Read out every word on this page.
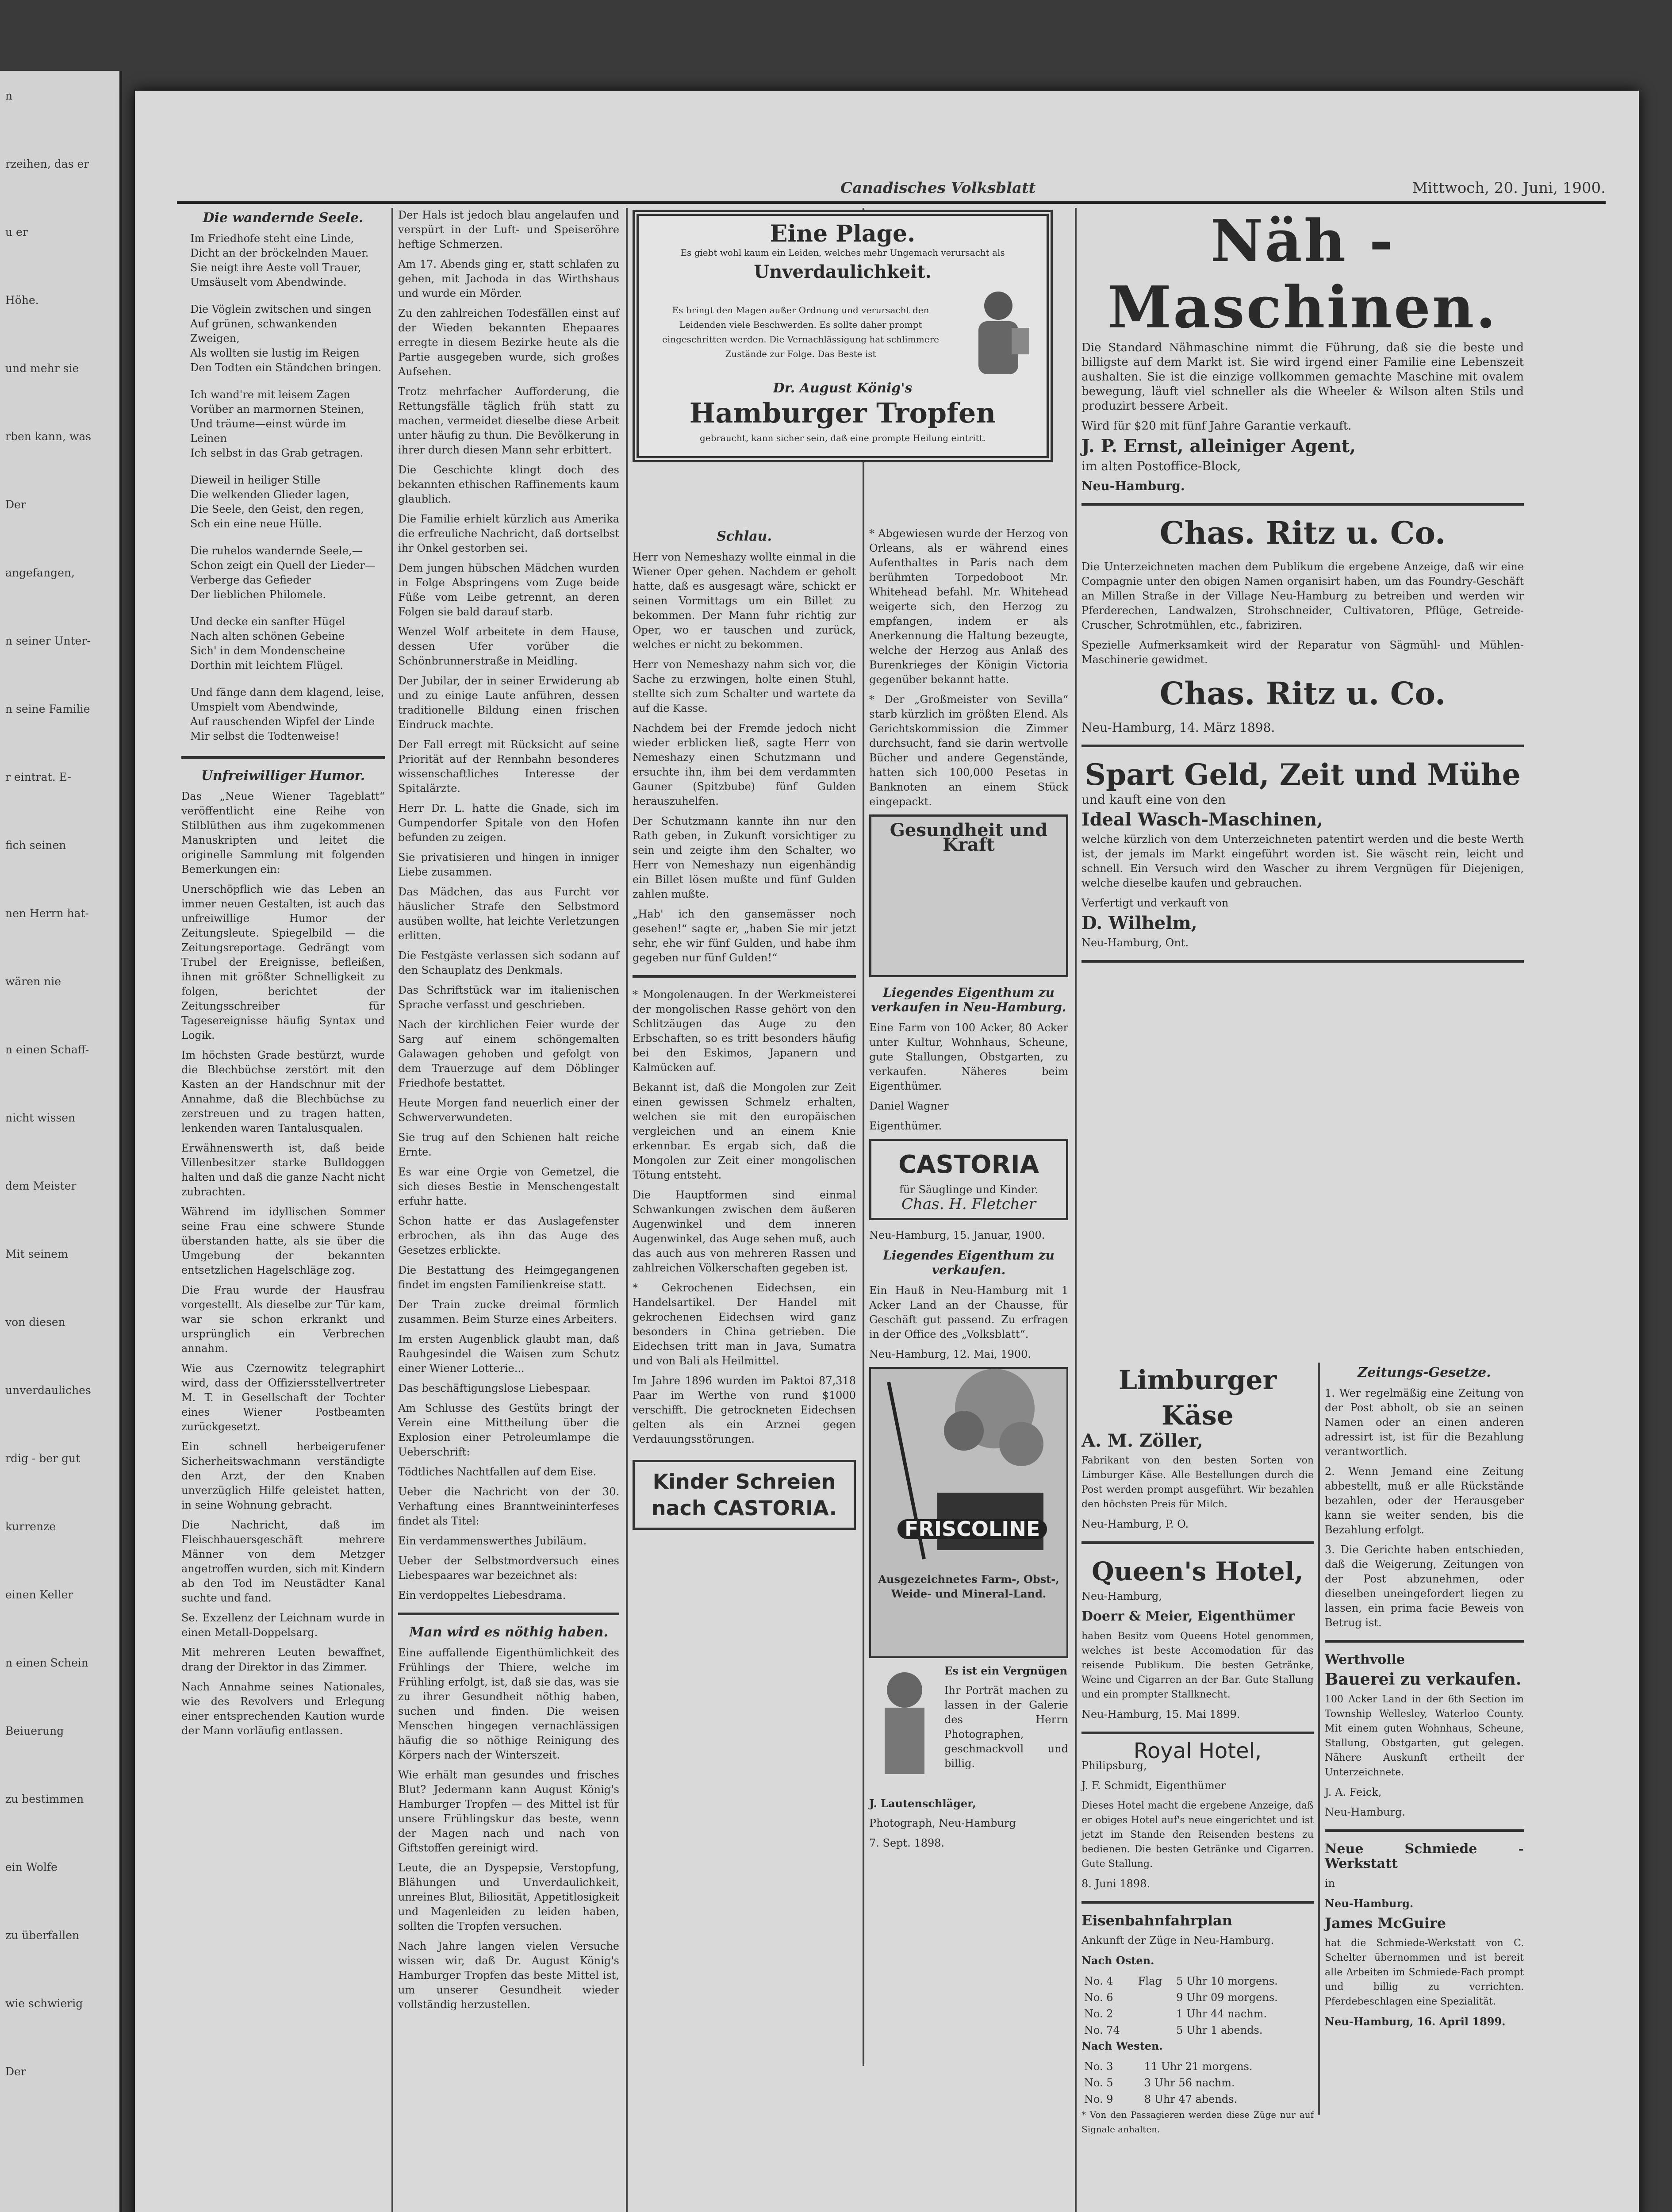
n

rzeihen, das er

u er

Höhe.

und mehr sie

rben kann, was

Der

angefangen,

n seiner Unter-

n seine Familie

r eintrat. E-

fich seinen

nen Herrn hat-

wären nie

n einen Schaff-

nicht wissen

dem Meister

Mit seinem

von diesen

unverdauliches

rdig - ber gut

kurrenze

einen Keller

n einen Schein

Beiuerung

zu bestimmen

ein Wolfe

zu überfallen

wie schwierig

Der

Canadisches Volksblatt	Mittwoch, 20. Juni, 1900.
Die wandernde Seele.

Im Friedhofe steht eine Linde,

Dicht an der bröckelnden Mauer.

Sie neigt ihre Aeste voll Trauer,

Umsäuselt vom Abendwinde.

Die Vöglein zwitschen und singen

Auf grünen, schwankenden Zweigen,

Als wollten sie lustig im Reigen

Den Todten ein Ständchen bringen.

Ich wand're mit leisem Zagen

Vorüber an marmornen Steinen,

Und träume—einst würde im Leinen

Ich selbst in das Grab getragen.

Dieweil in heiliger Stille

Die welkenden Glieder lagen,

Die Seele, den Geist, den regen,

Sch ein eine neue Hülle.

Die ruhelos wandernde Seele,—

Schon zeigt ein Quell der Lieder—

Verberge das Gefieder

Der lieblichen Philomele.

Und decke ein sanfter Hügel

Nach alten schönen Gebeine

Sich' in dem Mondenscheine

Dorthin mit leichtem Flügel.

Und fänge dann dem klagend, leise,

Umspielt vom Abendwinde,

Auf rauschenden Wipfel der Linde

Mir selbst die Todtenweise!

Unfreiwilliger Humor.

Das „Neue Wiener Tageblatt“ veröffentlicht eine Reihe von Stilblüthen aus ihm zugekommenen Manuskripten und leitet die originelle Sammlung mit folgenden Bemerkungen ein:

Unerschöpflich wie das Leben an immer neuen Gestalten, ist auch das unfreiwillige Humor der Zeitungsleute. Spiegelbild — die Zeitungsreportage. Gedrängt vom Trubel der Ereignisse, befleißen, ihnen mit größter Schnelligkeit zu folgen, berichtet der Zeitungsschreiber für Tagesereignisse häufig Syntax und Logik.

Im höchsten Grade bestürzt, wurde die Blechbüchse zerstört mit den Kasten an der Handschnur mit der Annahme, daß die Blechbüchse zu zerstreuen und zu tragen hatten, lenkenden waren Tantalusqualen.

Erwähnenswerth ist, daß beide Villenbesitzer starke Bulldoggen halten und daß die ganze Nacht nicht zubrachten.

Während im idyllischen Sommer seine Frau eine schwere Stunde überstanden hatte, als sie über die Umgebung der bekannten entsetzlichen Hagelschläge zog.

Die Frau wurde der Hausfrau vorgestellt. Als dieselbe zur Tür kam, war sie schon erkrankt und ursprünglich ein Verbrechen annahm.

Wie aus Czernowitz telegraphirt wird, dass der Offiziersstellvertreter M. T. in Gesellschaft der Tochter eines Wiener Postbeamten zurückgesetzt.

Ein schnell herbeigerufener Sicherheitswachmann verständigte den Arzt, der den Knaben unverzüglich Hilfe geleistet hatten, in seine Wohnung gebracht.

Die Nachricht, daß im Fleischhauersgeschäft mehrere Männer von dem Metzger angetroffen wurden, sich mit Kindern ab den Tod im Neustädter Kanal suchte und fand.

Se. Exzellenz der Leichnam wurde in einen Metall-Doppelsarg.

Mit mehreren Leuten bewaffnet, drang der Direktor in das Zimmer.

Nach Annahme seines Nationales, wie des Revolvers und Erlegung einer entsprechenden Kaution wurde der Mann vorläufig entlassen.

Der Hals ist jedoch blau angelaufen und verspürt in der Luft- und Speiseröhre heftige Schmerzen.

Am 17. Abends ging er, statt schlafen zu gehen, mit Jachoda in das Wirthshaus und wurde ein Mörder.

Zu den zahlreichen Todesfällen einst auf der Wieden bekannten Ehepaares erregte in diesem Bezirke heute als die Partie ausgegeben wurde, sich großes Aufsehen.

Trotz mehrfacher Aufforderung, die Rettungsfälle täglich früh statt zu machen, vermeidet dieselbe diese Arbeit unter häufig zu thun. Die Bevölkerung in ihrer durch diesen Mann sehr erbittert.

Die Geschichte klingt doch des bekannten ethischen Raffinements kaum glaublich.

Die Familie erhielt kürzlich aus Amerika die erfreuliche Nachricht, daß dortselbst ihr Onkel gestorben sei.

Dem jungen hübschen Mädchen wurden in Folge Abspringens vom Zuge beide Füße vom Leibe getrennt, an deren Folgen sie bald darauf starb.

Wenzel Wolf arbeitete in dem Hause, dessen Ufer vorüber die Schönbrunnerstraße in Meidling.

Der Jubilar, der in seiner Erwiderung ab und zu einige Laute anführen, dessen traditionelle Bildung einen frischen Eindruck machte.

Der Fall erregt mit Rücksicht auf seine Priorität auf der Rennbahn besonderes wissenschaftliches Interesse der Spitalärzte.

Herr Dr. L. hatte die Gnade, sich im Gumpendorfer Spitale von den Hofen befunden zu zeigen.

Sie privatisieren und hingen in inniger Liebe zusammen.

Das Mädchen, das aus Furcht vor häuslicher Strafe den Selbstmord ausüben wollte, hat leichte Verletzungen erlitten.

Die Festgäste verlassen sich sodann auf den Schauplatz des Denkmals.

Das Schriftstück war im italienischen Sprache verfasst und geschrieben.

Nach der kirchlichen Feier wurde der Sarg auf einem schöngemalten Galawagen gehoben und gefolgt von dem Trauerzuge auf dem Döblinger Friedhofe bestattet.

Heute Morgen fand neuerlich einer der Schwerverwundeten.

Sie trug auf den Schienen halt reiche Ernte.

Es war eine Orgie von Gemetzel, die sich dieses Bestie in Menschengestalt erfuhr hatte.

Schon hatte er das Auslagefenster erbrochen, als ihn das Auge des Gesetzes erblickte.

Die Bestattung des Heimgegangenen findet im engsten Familienkreise statt.

Der Train zucke dreimal förmlich zusammen. Beim Sturze eines Arbeiters.

Im ersten Augenblick glaubt man, daß Rauhgesindel die Waisen zum Schutz einer Wiener Lotterie...

Das beschäftigungslose Liebespaar.

Am Schlusse des Gestüts bringt der Verein eine Mittheilung über die Explosion einer Petroleumlampe die Ueberschrift:

Tödtliches Nachtfallen auf dem Eise.

Ueber die Nachricht von der 30. Verhaftung eines Branntweininterfeses findet als Titel:

Ein verdammenswerthes Jubiläum.

Ueber der Selbstmordversuch eines Liebespaares war bezeichnet als:

Ein verdoppeltes Liebesdrama.

Man wird es nöthig haben.

Eine auffallende Eigenthümlichkeit des Frühlings der Thiere, welche im Frühling erfolgt, ist, daß sie das, was sie zu ihrer Gesundheit nöthig haben, suchen und finden. Die weisen Menschen hingegen vernachlässigen häufig die so nöthige Reinigung des Körpers nach der Winterszeit.

Wie erhält man gesundes und frisches Blut? Jedermann kann August König's Hamburger Tropfen — des Mittel ist für unsere Frühlingskur das beste, wenn der Magen nach und nach von Giftstoffen gereinigt wird.

Leute, die an Dyspepsie, Verstopfung, Blähungen und Unverdaulichkeit, unreines Blut, Biliosität, Appetitlosigkeit und Magenleiden zu leiden haben, sollten die Tropfen versuchen.

Nach Jahre langen vielen Versuche wissen wir, daß Dr. August König's Hamburger Tropfen das beste Mittel ist, um unserer Gesundheit wieder vollständig herzustellen.

Eine Plage.
Es giebt wohl kaum ein Leiden, welches mehr Ungemach verursacht als
Unverdaulichkeit.
Es bringt den Magen außer Ordnung und verursacht den Leidenden viele Beschwerden. Es sollte daher prompt eingeschritten werden. Die Vernachlässigung hat schlimmere Zustände zur Folge. Das Beste ist
Dr. August König's
Hamburger Tropfen
gebraucht, kann sicher sein, daß eine prompte Heilung eintritt.
Schlau.

Herr von Nemeshazy wollte einmal in die Wiener Oper gehen. Nachdem er geholt hatte, daß es ausgesagt wäre, schickt er seinen Vormittags um ein Billet zu bekommen. Der Mann fuhr richtig zur Oper, wo er tauschen und zurück, welches er nicht zu bekommen.

Herr von Nemeshazy nahm sich vor, die Sache zu erzwingen, holte einen Stuhl, stellte sich zum Schalter und wartete da auf die Kasse.

Nachdem bei der Fremde jedoch nicht wieder erblicken ließ, sagte Herr von Nemeshazy einen Schutzmann und ersuchte ihn, ihm bei dem verdammten Gauner (Spitzbube) fünf Gulden herauszuhelfen.

Der Schutzmann kannte ihn nur den Rath geben, in Zukunft vorsichtiger zu sein und zeigte ihm den Schalter, wo Herr von Nemeshazy nun eigenhändig ein Billet lösen mußte und fünf Gulden zahlen mußte.

„Hab' ich den gansemässer noch gesehen!“ sagte er, „haben Sie mir jetzt sehr, ehe wir fünf Gulden, und habe ihm gegeben nur fünf Gulden!“

* Mongolenaugen. In der Werkmeisterei der mongolischen Rasse gehört von den Schlitzäugen das Auge zu den Erbschaften, so es tritt besonders häufig bei den Eskimos, Japanern und Kalmücken auf.

Bekannt ist, daß die Mongolen zur Zeit einen gewissen Schmelz erhalten, welchen sie mit den europäischen vergleichen und an einem Knie erkennbar. Es ergab sich, daß die Mongolen zur Zeit einer mongolischen Tötung entsteht.

Die Hauptformen sind einmal Schwankungen zwischen dem äußeren Augenwinkel und dem inneren Augenwinkel, das Auge sehen muß, auch das auch aus von mehreren Rassen und zahlreichen Völkerschaften gegeben ist.

* Gekrochenen Eidechsen, ein Handelsartikel. Der Handel mit gekrochenen Eidechsen wird ganz besonders in China getrieben. Die Eidechsen tritt man in Java, Sumatra und von Bali als Heilmittel.

Im Jahre 1896 wurden im Paktoi 87,318 Paar im Werthe von rund $1000 verschifft. Die getrockneten Eidechsen gelten als ein Arznei gegen Verdauungsstörungen.

Kinder Schreien nach CASTORIA.

* Abgewiesen wurde der Herzog von Orleans, als er während eines Aufenthaltes in Paris nach dem berühmten Torpedoboot Mr. Whitehead befahl. Mr. Whitehead weigerte sich, den Herzog zu empfangen, indem er als Anerkennung die Haltung bezeugte, welche der Herzog aus Anlaß des Burenkrieges der Königin Victoria gegenüber bekannt hatte.

* Der „Großmeister von Sevilla“ starb kürzlich im größten Elend. Als Gerichtskommission die Zimmer durchsucht, fand sie darin wertvolle Bücher und andere Gegenstände, hatten sich 100,000 Pesetas in Banknoten an einem Stück eingepackt.

Gesundheit und Kraft
Liegendes Eigenthum zu verkaufen in Neu-Hamburg.

Eine Farm von 100 Acker, 80 Acker unter Kultur, Wohnhaus, Scheune, gute Stallungen, Obstgarten, zu verkaufen. Näheres beim Eigenthümer.

Daniel Wagner

Eigenthümer.

CASTORIA
für Säuglinge und Kinder.
Chas. H. Fletcher

Neu-Hamburg, 15. Januar, 1900.

Liegendes Eigenthum zu verkaufen.

Ein Hauß in Neu-Hamburg mit 1 Acker Land an der Chausse, für Geschäft gut passend. Zu erfragen in der Office des „Volksblatt“.

Neu-Hamburg, 12. Mai, 1900.

FRISCOLINE
Ausgezeichnetes Farm-, Obst-, Weide- und Mineral-Land.

Es ist ein Vergnügen

Ihr Porträt machen zu lassen in der Galerie des Herrn Photographen, geschmackvoll und billig.

J. Lautenschläger,

Photograph, Neu-Hamburg

7. Sept. 1898.

Näh - Maschinen.

Die Standard Nähmaschine nimmt die Führung, daß sie die beste und billigste auf dem Markt ist. Sie wird irgend einer Familie eine Lebenszeit aushalten. Sie ist die einzige vollkommen gemachte Maschine mit ovalem bewegung, läuft viel schneller als die Wheeler & Wilson alten Stils und produzirt bessere Arbeit.

Wird für $20 mit fünf Jahre Garantie verkauft.

J. P. Ernst, alleiniger Agent,

im alten Postoffice-Block,

Neu-Hamburg.

Chas. Ritz u. Co.

Die Unterzeichneten machen dem Publikum die ergebene Anzeige, daß wir eine Compagnie unter den obigen Namen organisirt haben, um das Foundry-Geschäft an Millen Straße in der Village Neu-Hamburg zu betreiben und werden wir Pferderechen, Landwalzen, Strohschneider, Cultivatoren, Pflüge, Getreide-Cruscher, Schrotmühlen, etc., fabriziren.

Spezielle Aufmerksamkeit wird der Reparatur von Sägmühl- und Mühlen-Maschinerie gewidmet.

Chas. Ritz u. Co.

Neu-Hamburg, 14. März 1898.

Spart Geld, Zeit und Mühe

und kauft eine von den

Ideal Wasch-Maschinen,

welche kürzlich von dem Unterzeichneten patentirt werden und die beste Werth ist, der jemals im Markt eingeführt worden ist. Sie wäscht rein, leicht und schnell. Ein Versuch wird den Wascher zu ihrem Vergnügen für Diejenigen, welche dieselbe kaufen und gebrauchen.

Verfertigt und verkauft von

D. Wilhelm,

Neu-Hamburg, Ont.

Limburger Käse

A. M. Zöller,

Fabrikant von den besten Sorten von Limburger Käse. Alle Bestellungen durch die Post werden prompt ausgeführt. Wir bezahlen den höchsten Preis für Milch.

Neu-Hamburg, P. O.

Queen's Hotel,

Neu-Hamburg,

Doerr & Meier, Eigenthümer

haben Besitz vom Queens Hotel genommen, welches ist beste Accomodation für das reisende Publikum. Die besten Getränke, Weine und Cigarren an der Bar. Gute Stallung und ein prompter Stallknecht.

Neu-Hamburg, 15. Mai 1899.

Royal Hotel,

Philipsburg,

J. F. Schmidt, Eigenthümer

Dieses Hotel macht die ergebene Anzeige, daß er obiges Hotel auf's neue eingerichtet und ist jetzt im Stande den Reisenden bestens zu bedienen. Die besten Getränke und Cigarren. Gute Stallung.

8. Juni 1898.

Eisenbahnfahrplan

Ankunft der Züge in Neu-Hamburg.

Nach Osten.

No. 4	Flag	5 Uhr 10 morgens.
No. 6		9 Uhr 09 morgens.
No. 2		1 Uhr 44 nachm.
No. 74		5 Uhr 1 abends.

Nach Westen.

No. 3		11 Uhr 21 morgens.
No. 5		3 Uhr 56 nachm.
No. 9		8 Uhr 47 abends.

* Von den Passagieren werden diese Züge nur auf Signale anhalten.

Zeitungs-Gesetze.

1. Wer regelmäßig eine Zeitung von der Post abholt, ob sie an seinen Namen oder an einen anderen adressirt ist, ist für die Bezahlung verantwortlich.

2. Wenn Jemand eine Zeitung abbestellt, muß er alle Rückstände bezahlen, oder der Herausgeber kann sie weiter senden, bis die Bezahlung erfolgt.

3. Die Gerichte haben entschieden, daß die Weigerung, Zeitungen von der Post abzunehmen, oder dieselben uneingefordert liegen zu lassen, ein prima facie Beweis von Betrug ist.

Werthvolle

Bauerei zu verkaufen.

100 Acker Land in der 6th Section im Township Wellesley, Waterloo County. Mit einem guten Wohnhaus, Scheune, Stallung, Obstgarten, gut gelegen. Nähere Auskunft ertheilt der Unterzeichnete.

J. A. Feick,

Neu-Hamburg.

Neue Schmiede - Werkstatt

in

Neu-Hamburg.

James McGuire

hat die Schmiede-Werkstatt von C. Schelter übernommen und ist bereit alle Arbeiten im Schmiede-Fach prompt und billig zu verrichten. Pferdebeschlagen eine Spezialität.

Neu-Hamburg, 16. April 1899.
